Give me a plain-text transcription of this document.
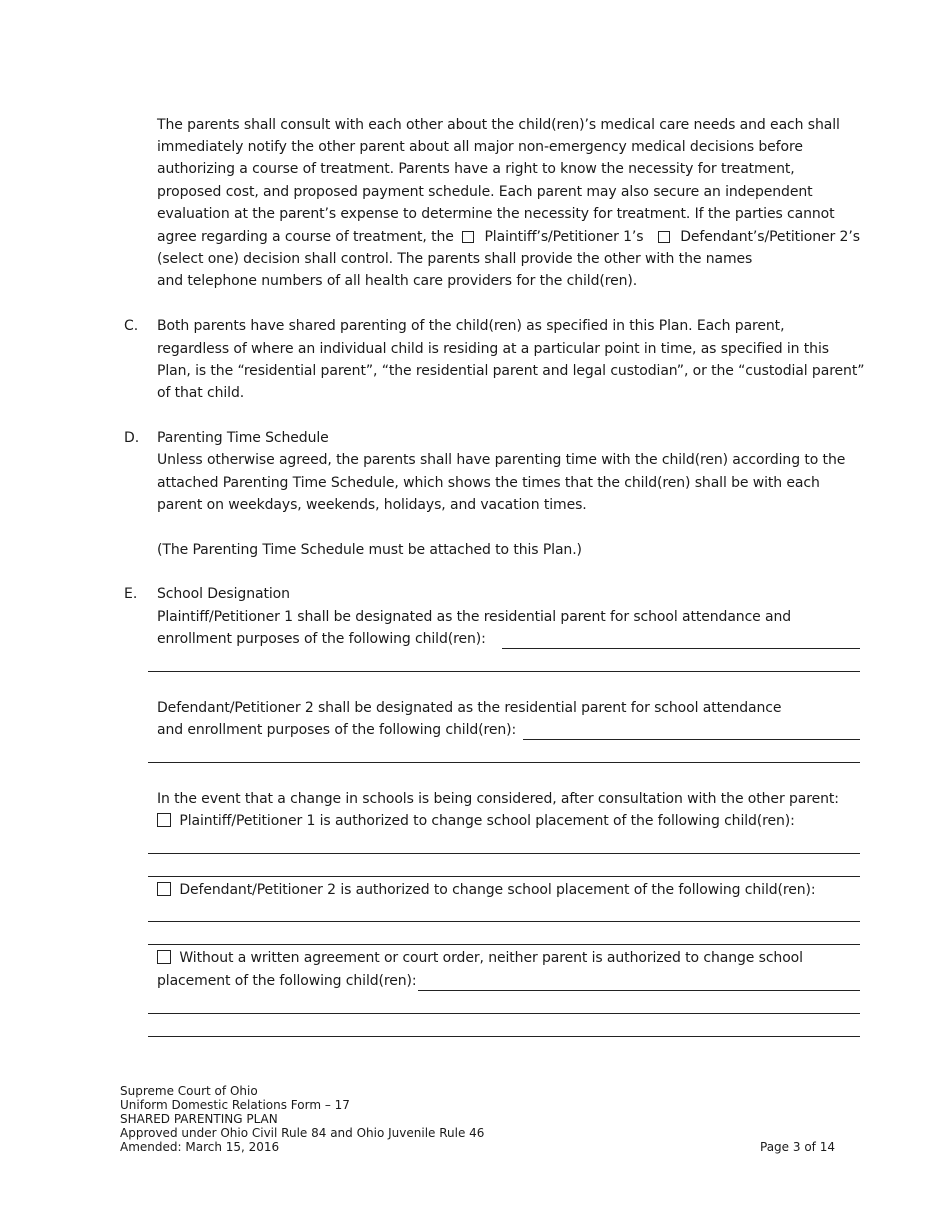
The parents shall consult with each other about the child(ren)’s medical care needs and each shall
immediately notify the other parent about all major non-emergency medical decisions before
authorizing a course of treatment. Parents have a right to know the necessity for treatment,
proposed cost, and proposed payment schedule. Each parent may also secure an independent
evaluation at the parent’s expense to determine the necessity for treatment. If the parties cannot
agree regarding a course of treatment, the Plaintiff’s/Petitioner 1’s	Defendant’s/Petitioner 2’s
(select one) decision shall control. The parents shall provide the other with the names
and telephone numbers of all health care providers for the child(ren).
C. Both parents have shared parenting of the child(ren) as specified in this Plan. Each parent,
regardless of where an individual child is residing at a particular point in time, as specified in this
Plan, is the “residential parent”, “the residential parent and legal custodian”, or the “custodial parent”
of that child.
D. Parenting Time Schedule
Unless otherwise agreed, the parents shall have parenting time with the child(ren) according to the
attached Parenting Time Schedule, which shows the times that the child(ren) shall be with each
parent on weekdays, weekends, holidays, and vacation times.
(The Parenting Time Schedule must be attached to this Plan.)
E. School Designation
Plaintiff/Petitioner 1 shall be designated as the residential parent for school attendance and
enrollment purposes of the following child(ren):
Defendant/Petitioner 2 shall be designated as the residential parent for school attendance
and enrollment purposes of the following child(ren):
In the event that a change in schools is being considered, after consultation with the other parent:
Plaintiff/Petitioner 1 is authorized to change school placement of the following child(ren):
Defendant/Petitioner 2 is authorized to change school placement of the following child(ren):
Without a written agreement or court order, neither parent is authorized to change school
placement of the following child(ren):
Supreme Court of Ohio
Uniform Domestic Relations Form – 17
SHARED PARENTING PLAN
Approved under Ohio Civil Rule 84 and Ohio Juvenile Rule 46
Amended: March 15, 2016	Page 3 of 14
